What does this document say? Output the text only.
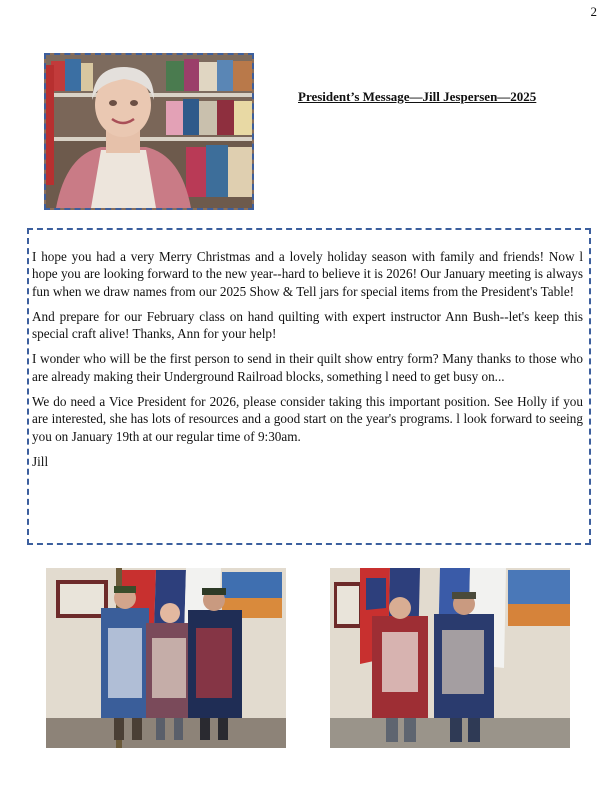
2
President’s Message—Jill Jespersen—2025

I hope you had a very Merry Christmas and a lovely holiday season with family and friends! Now l hope you are looking forward to the new year--hard to believe it is 2026! Our January meeting is always fun when we draw names from our 2025 Show & Tell jars for special items from the President's Table!

And prepare for our February class on hand quilting with expert instructor Ann Bush--let's keep this special craft alive! Thanks, Ann for your help!

I wonder who will be the first person to send in their quilt show entry form? Many thanks to those who are already making their Underground Railroad blocks, something l need to get busy on...

We do need a Vice President for 2026, please consider taking this important position. See Holly if you are interested, she has lots of resources and a good start on the year's programs. l look forward to seeing you on January 19th at our regular time of 9:30am.

Jill
